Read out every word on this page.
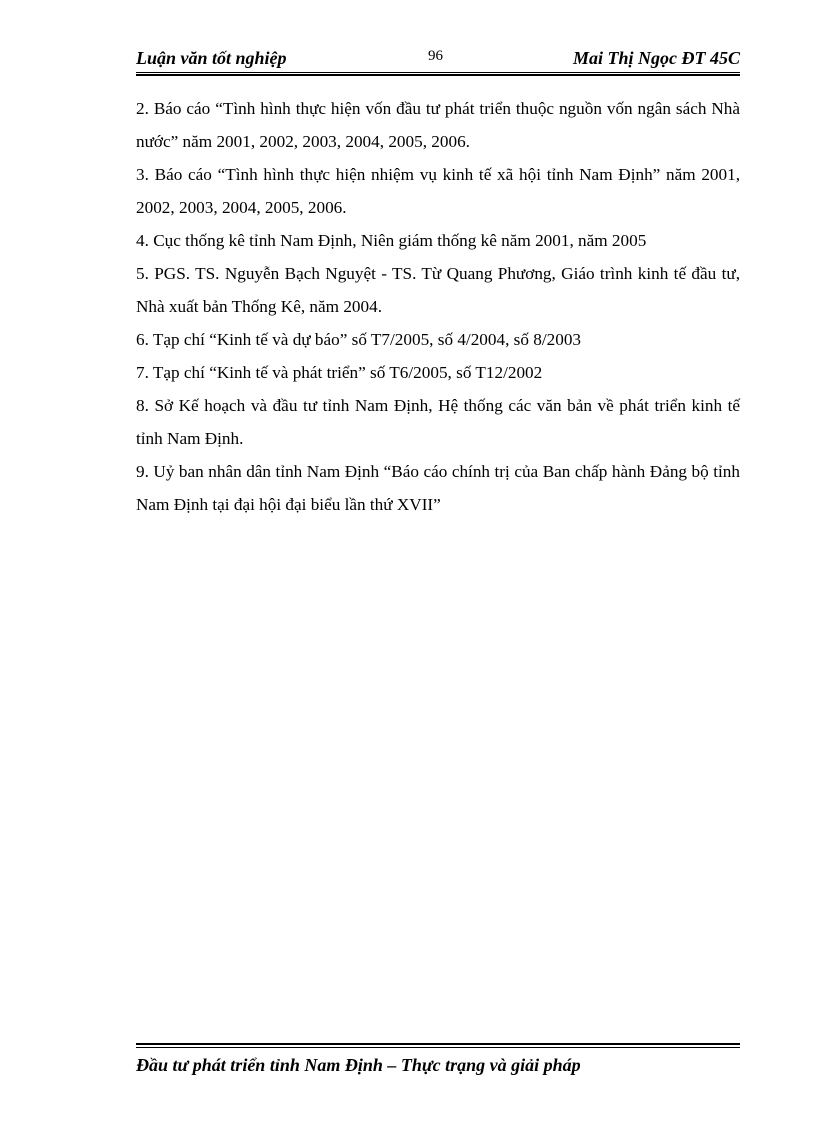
Luận văn tốt nghiệp	96	Mai Thị Ngọc ĐT 45C

2. Báo cáo “Tình hình thực hiện vốn đầu tư phát triển thuộc nguồn vốn ngân sách Nhà nước” năm 2001, 2002, 2003, 2004, 2005, 2006.

3. Báo cáo “Tình hình thực hiện nhiệm vụ kinh tế xã hội tỉnh Nam Định” năm 2001, 2002, 2003, 2004, 2005, 2006.

4. Cục thống kê tỉnh Nam Định, Niên giám thống kê năm 2001, năm 2005

5. PGS. TS. Nguyễn Bạch Nguyệt - TS. Từ Quang Phương, Giáo trình kinh tế đầu tư, Nhà xuất bản Thống Kê, năm 2004.

6. Tạp chí “Kinh tế và dự báo” số T7/2005, số 4/2004, số 8/2003

7. Tạp chí “Kinh tế và phát triển” số T6/2005, số T12/2002

8. Sở Kế hoạch và đầu tư tỉnh Nam Định, Hệ thống các văn bản về phát triển kinh tế tỉnh Nam Định.

9. Uỷ ban nhân dân tỉnh Nam Định “Báo cáo chính trị của Ban chấp hành Đảng bộ tỉnh Nam Định tại đại hội đại biểu lần thứ XVII”

Đầu tư phát triển tỉnh Nam Định – Thực trạng và giải pháp
